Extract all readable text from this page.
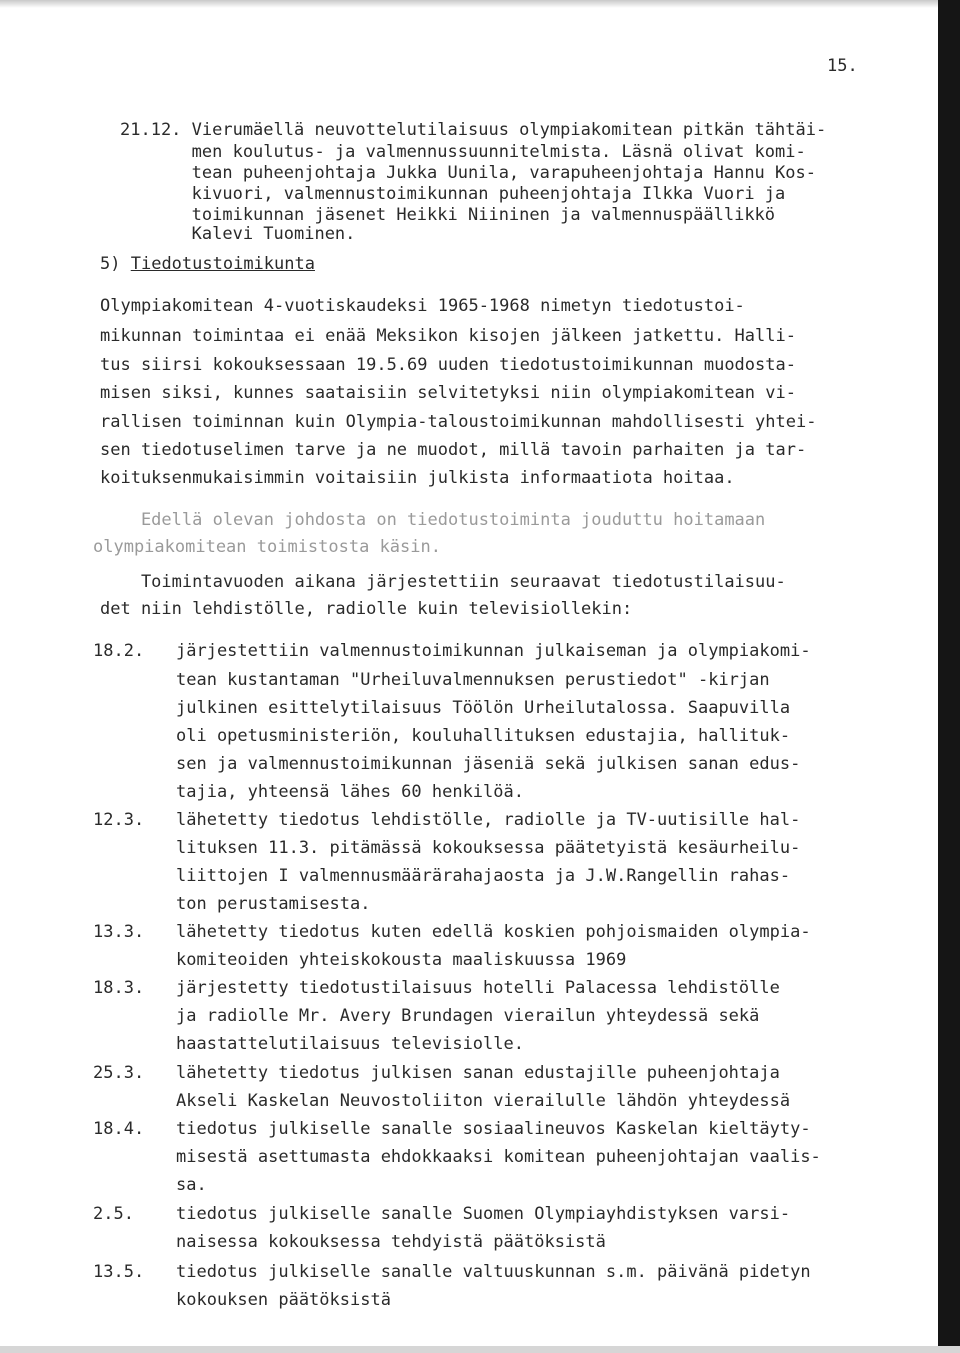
15.
21.12. Vierumäellä neuvottelutilaisuus olympiakomitean pitkän tähtäi-
men koulutus- ja valmennussuunnitelmista. Läsnä olivat komi-
tean puheenjohtaja Jukka Uunila, varapuheenjohtaja Hannu Kos-
kivuori, valmennustoimikunnan puheenjohtaja Ilkka Vuori ja
toimikunnan jäsenet Heikki Niininen ja valmennuspäällikkö
Kalevi Tuominen.
5) Tiedotustoimikunta
Olympiakomitean 4-vuotiskaudeksi 1965-1968 nimetyn tiedotustoi-
mikunnan toimintaa ei enää Meksikon kisojen jälkeen jatkettu. Halli-
tus siirsi kokouksessaan 19.5.69 uuden tiedotustoimikunnan muodosta-
misen siksi, kunnes saataisiin selvitetyksi niin olympiakomitean vi-
rallisen toiminnan kuin Olympia-taloustoimikunnan mahdollisesti yhtei-
sen tiedotuselimen tarve ja ne muodot, millä tavoin parhaiten ja tar-
koituksenmukaisimmin voitaisiin julkista informaatiota hoitaa.
Edellä olevan johdosta on tiedotustoiminta jouduttu hoitamaan
olympiakomitean toimistosta käsin.
Toimintavuoden aikana järjestettiin seuraavat tiedotustilaisuu-
det niin lehdistölle, radiolle kuin televisiollekin:
18.2. järjestettiin valmennustoimikunnan julkaiseman ja olympiakomi-
tean kustantaman "Urheiluvalmennuksen perustiedot" -kirjan
julkinen esittelytilaisuus Töölön Urheilutalossa. Saapuvilla
oli opetusministeriön, kouluhallituksen edustajia, hallituk-
sen ja valmennustoimikunnan jäseniä sekä julkisen sanan edus-
tajia, yhteensä lähes 60 henkilöä.
12.3. lähetetty tiedotus lehdistölle, radiolle ja TV-uutisille hal-
lituksen 11.3. pitämässä kokouksessa päätetyistä kesäurheilu-
liittojen I valmennusmäärärahajaosta ja J.W.Rangellin rahas-
ton perustamisesta.
13.3. lähetetty tiedotus kuten edellä koskien pohjoismaiden olympia-
komiteoiden yhteiskokousta maaliskuussa 1969
18.3. järjestetty tiedotustilaisuus hotelli Palacessa lehdistölle
ja radiolle Mr. Avery Brundagen vierailun yhteydessä sekä
haastattelutilaisuus televisiolle.
25.3. lähetetty tiedotus julkisen sanan edustajille puheenjohtaja
Akseli Kaskelan Neuvostoliiton vierailulle lähdön yhteydessä
18.4. tiedotus julkiselle sanalle sosiaalineuvos Kaskelan kieltäyty-
misestä asettumasta ehdokkaaksi komitean puheenjohtajan vaalis-
sa.
2.5. tiedotus julkiselle sanalle Suomen Olympiayhdistyksen varsi-
naisessa kokouksessa tehdyistä päätöksistä
13.5. tiedotus julkiselle sanalle valtuuskunnan s.m. päivänä pidetyn
kokouksen päätöksistä
